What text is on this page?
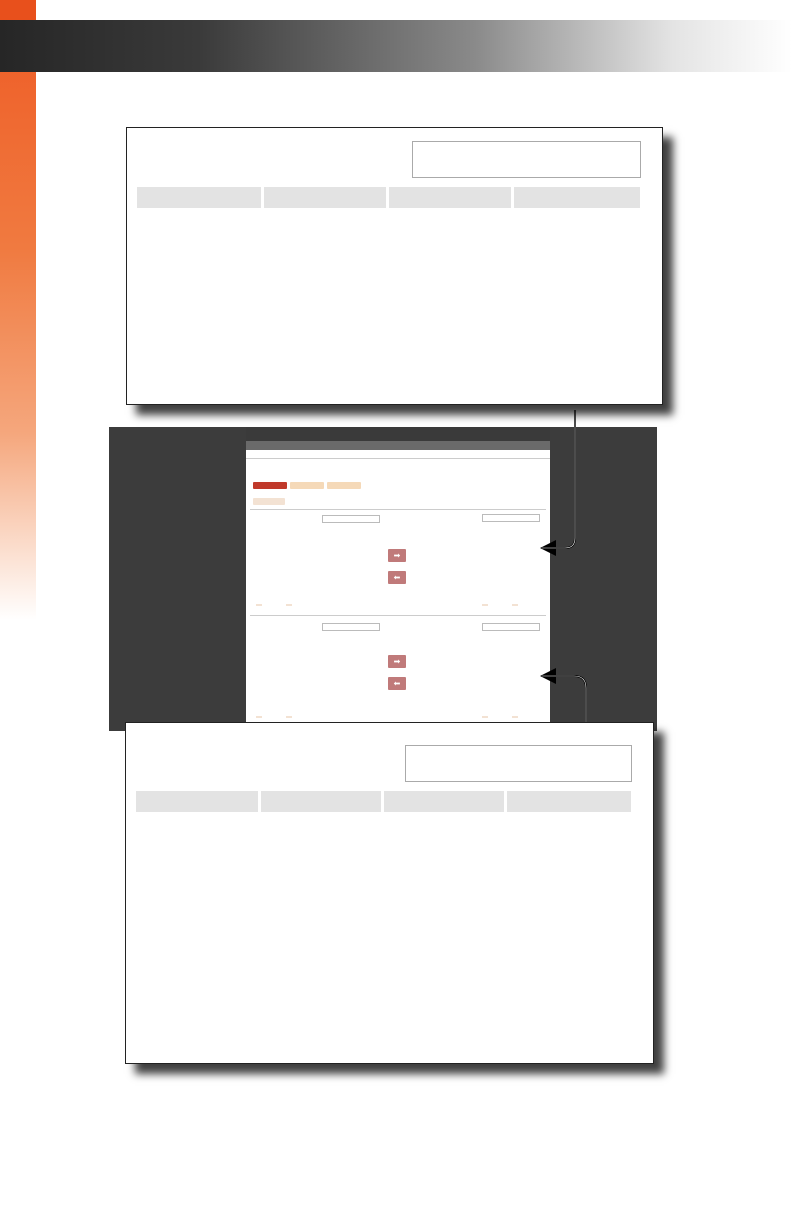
➡
⬅
➡
⬅
